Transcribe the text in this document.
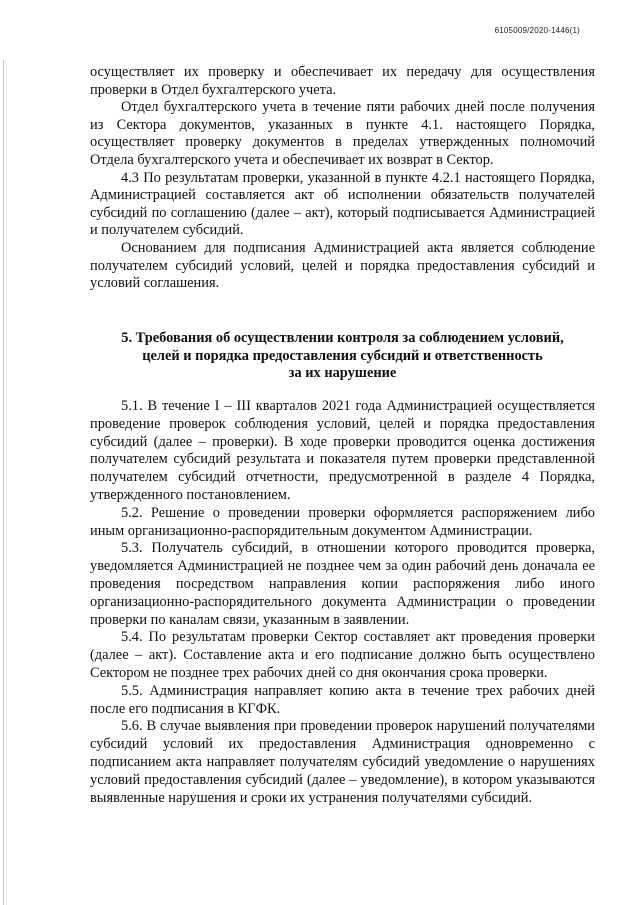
6105009/2020-1446(1)

осуществляет их проверку и обеспечивает их передачу для осуществления проверки в Отдел бухгалтерского учета.

Отдел бухгалтерского учета в течение пяти рабочих дней после получения из Сектора документов, указанных в пункте 4.1. настоящего Порядка, осуществляет проверку документов в пределах утвержденных полномочий Отдела бухгалтерского учета и обеспечивает их возврат в Сектор.

4.3 По результатам проверки, указанной в пункте 4.2.1 настоящего Порядка, Администрацией составляется акт об исполнении обязательств получателей субсидий по соглашению (далее – акт), который подписывается Администрацией и получателем субсидий.

Основанием для подписания Администрацией акта является соблюдение получателем субсидий условий, целей и порядка предоставления субсидий и условий соглашения.

5. Требования об осуществлении контроля за соблюдением условий,
целей и порядка предоставления субсидий и ответственность
за их нарушение

5.1. В течение I – III кварталов 2021 года Администрацией осуществляется проведение проверок соблюдения условий, целей и порядка предоставления субсидий (далее – проверки). В ходе проверки проводится оценка достижения получателем субсидий результата и показателя путем проверки представленной получателем субсидий отчетности, предусмотренной в разделе 4 Порядка, утвержденного постановлением.

5.2. Решение о проведении проверки оформляется распоряжением либо иным организационно-распорядительным документом Администрации.

5.3. Получатель субсидий, в отношении которого проводится проверка, уведомляется Администрацией не позднее чем за один рабочий день доначала ее проведения посредством направления копии распоряжения либо иного организационно-распорядительного документа Администрации о проведении проверки по каналам связи, указанным в заявлении.

5.4. По результатам проверки Сектор составляет акт проведения проверки (далее – акт). Составление акта и его подписание должно быть осуществлено Сектором не позднее трех рабочих дней со дня окончания срока проверки.

5.5. Администрация направляет копию акта в течение трех рабочих дней после его подписания в КГФК.

5.6. В случае выявления при проведении проверок нарушений получателями субсидий условий их предоставления Администрация одновременно с подписанием акта направляет получателям субсидий уведомление о нарушениях условий предоставления субсидий (далее – уведомление), в котором указываются выявленные нарушения и сроки их устранения получателями субсидий.
